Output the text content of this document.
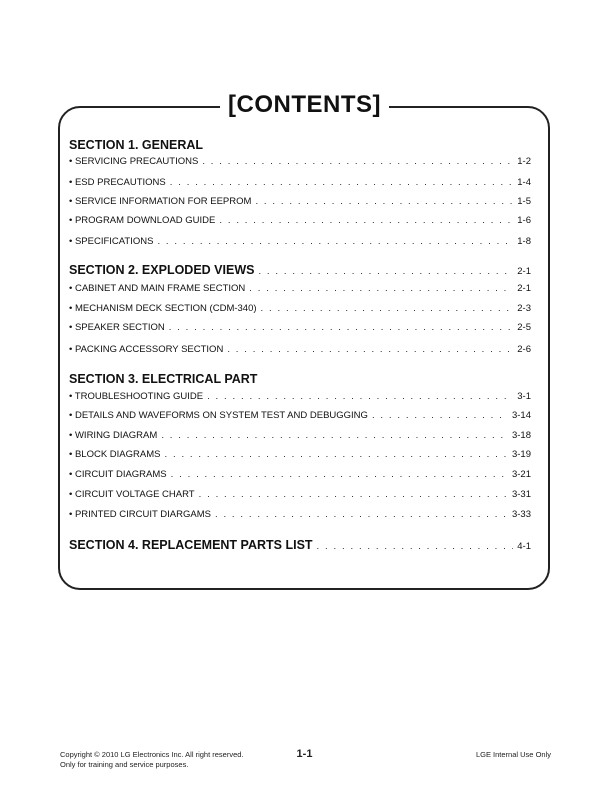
[CONTENTS]
SECTION 1. GENERAL
• SERVICING PRECAUTIONS . . .	1-2
• ESD PRECAUTIONS . . .	1-4
• SERVICE INFORMATION FOR EEPROM . . .	1-5
• PROGRAM DOWNLOAD GUIDE . . .	1-6
• SPECIFICATIONS . . .	1-8
SECTION 2. EXPLODED VIEWS . . .	2-1
• CABINET AND MAIN FRAME SECTION . . .	2-1
• MECHANISM DECK SECTION (CDM-340) . . .	2-3
• SPEAKER SECTION . . .	2-5
• PACKING ACCESSORY SECTION . . .	2-6
SECTION 3. ELECTRICAL PART
• TROUBLESHOOTING GUIDE . . .	3-1
• DETAILS AND WAVEFORMS ON SYSTEM TEST AND DEBUGGING . . .	3-14
• WIRING DIAGRAM . . .	3-18
• BLOCK DIAGRAMS . . .	3-19
• CIRCUIT DIAGRAMS . . .	3-21
• CIRCUIT VOLTAGE CHART . . .	3-31
• PRINTED CIRCUIT DIARGAMS . . .	3-33
SECTION 4. REPLACEMENT PARTS LIST . . .	4-1
Copyright © 2010 LG Electronics Inc. All right reserved.
Only for training and service purposes.
1-1	LGE Internal Use Only
